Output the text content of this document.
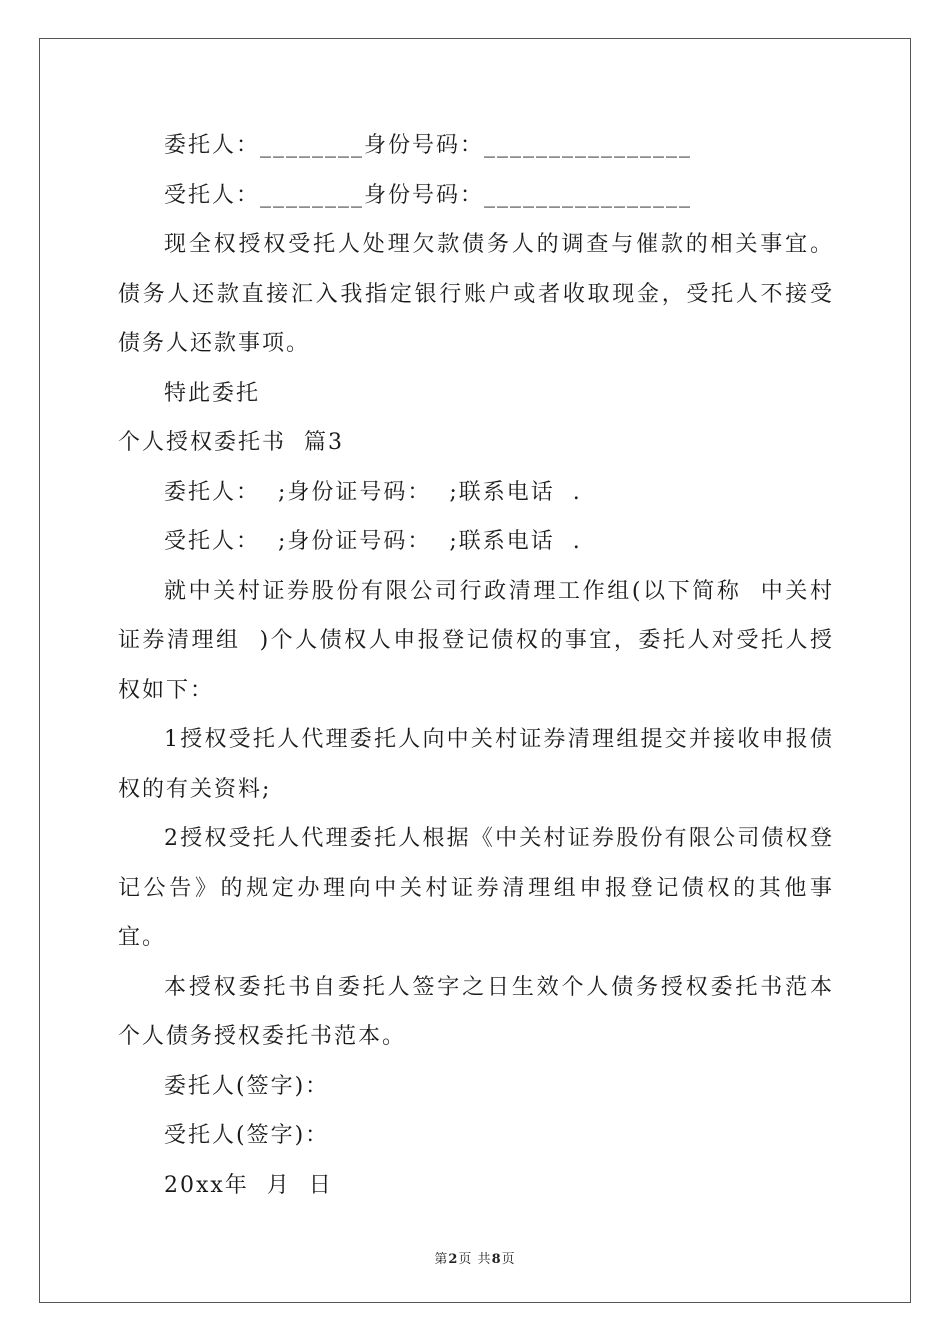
委托人：________身份号码：________________

受托人：________身份号码：________________

现全权授权受托人处理欠款债务人的调查与催款的相关事宜。债务人还款直接汇入我指定银行账户或者收取现金，受托人不接受债务人还款事项。

特此委托

个人授权委托书  篇3

委托人：  ;身份证号码：  ;联系电话  .

受托人：  ;身份证号码：  ;联系电话  .

就中关村证券股份有限公司行政清理工作组(以下简称  中关村证券清理组  )个人债权人申报登记债权的事宜，委托人对受托人授权如下：

1授权受托人代理委托人向中关村证券清理组提交并接收申报债权的有关资料;

2授权受托人代理委托人根据《中关村证券股份有限公司债权登记公告》的规定办理向中关村证券清理组申报登记债权的其他事宜。

本授权委托书自委托人签字之日生效个人债务授权委托书范本个人债务授权委托书范本。

委托人(签字)：

受托人(签字)：

20xx年  月  日

第2页 共8页
